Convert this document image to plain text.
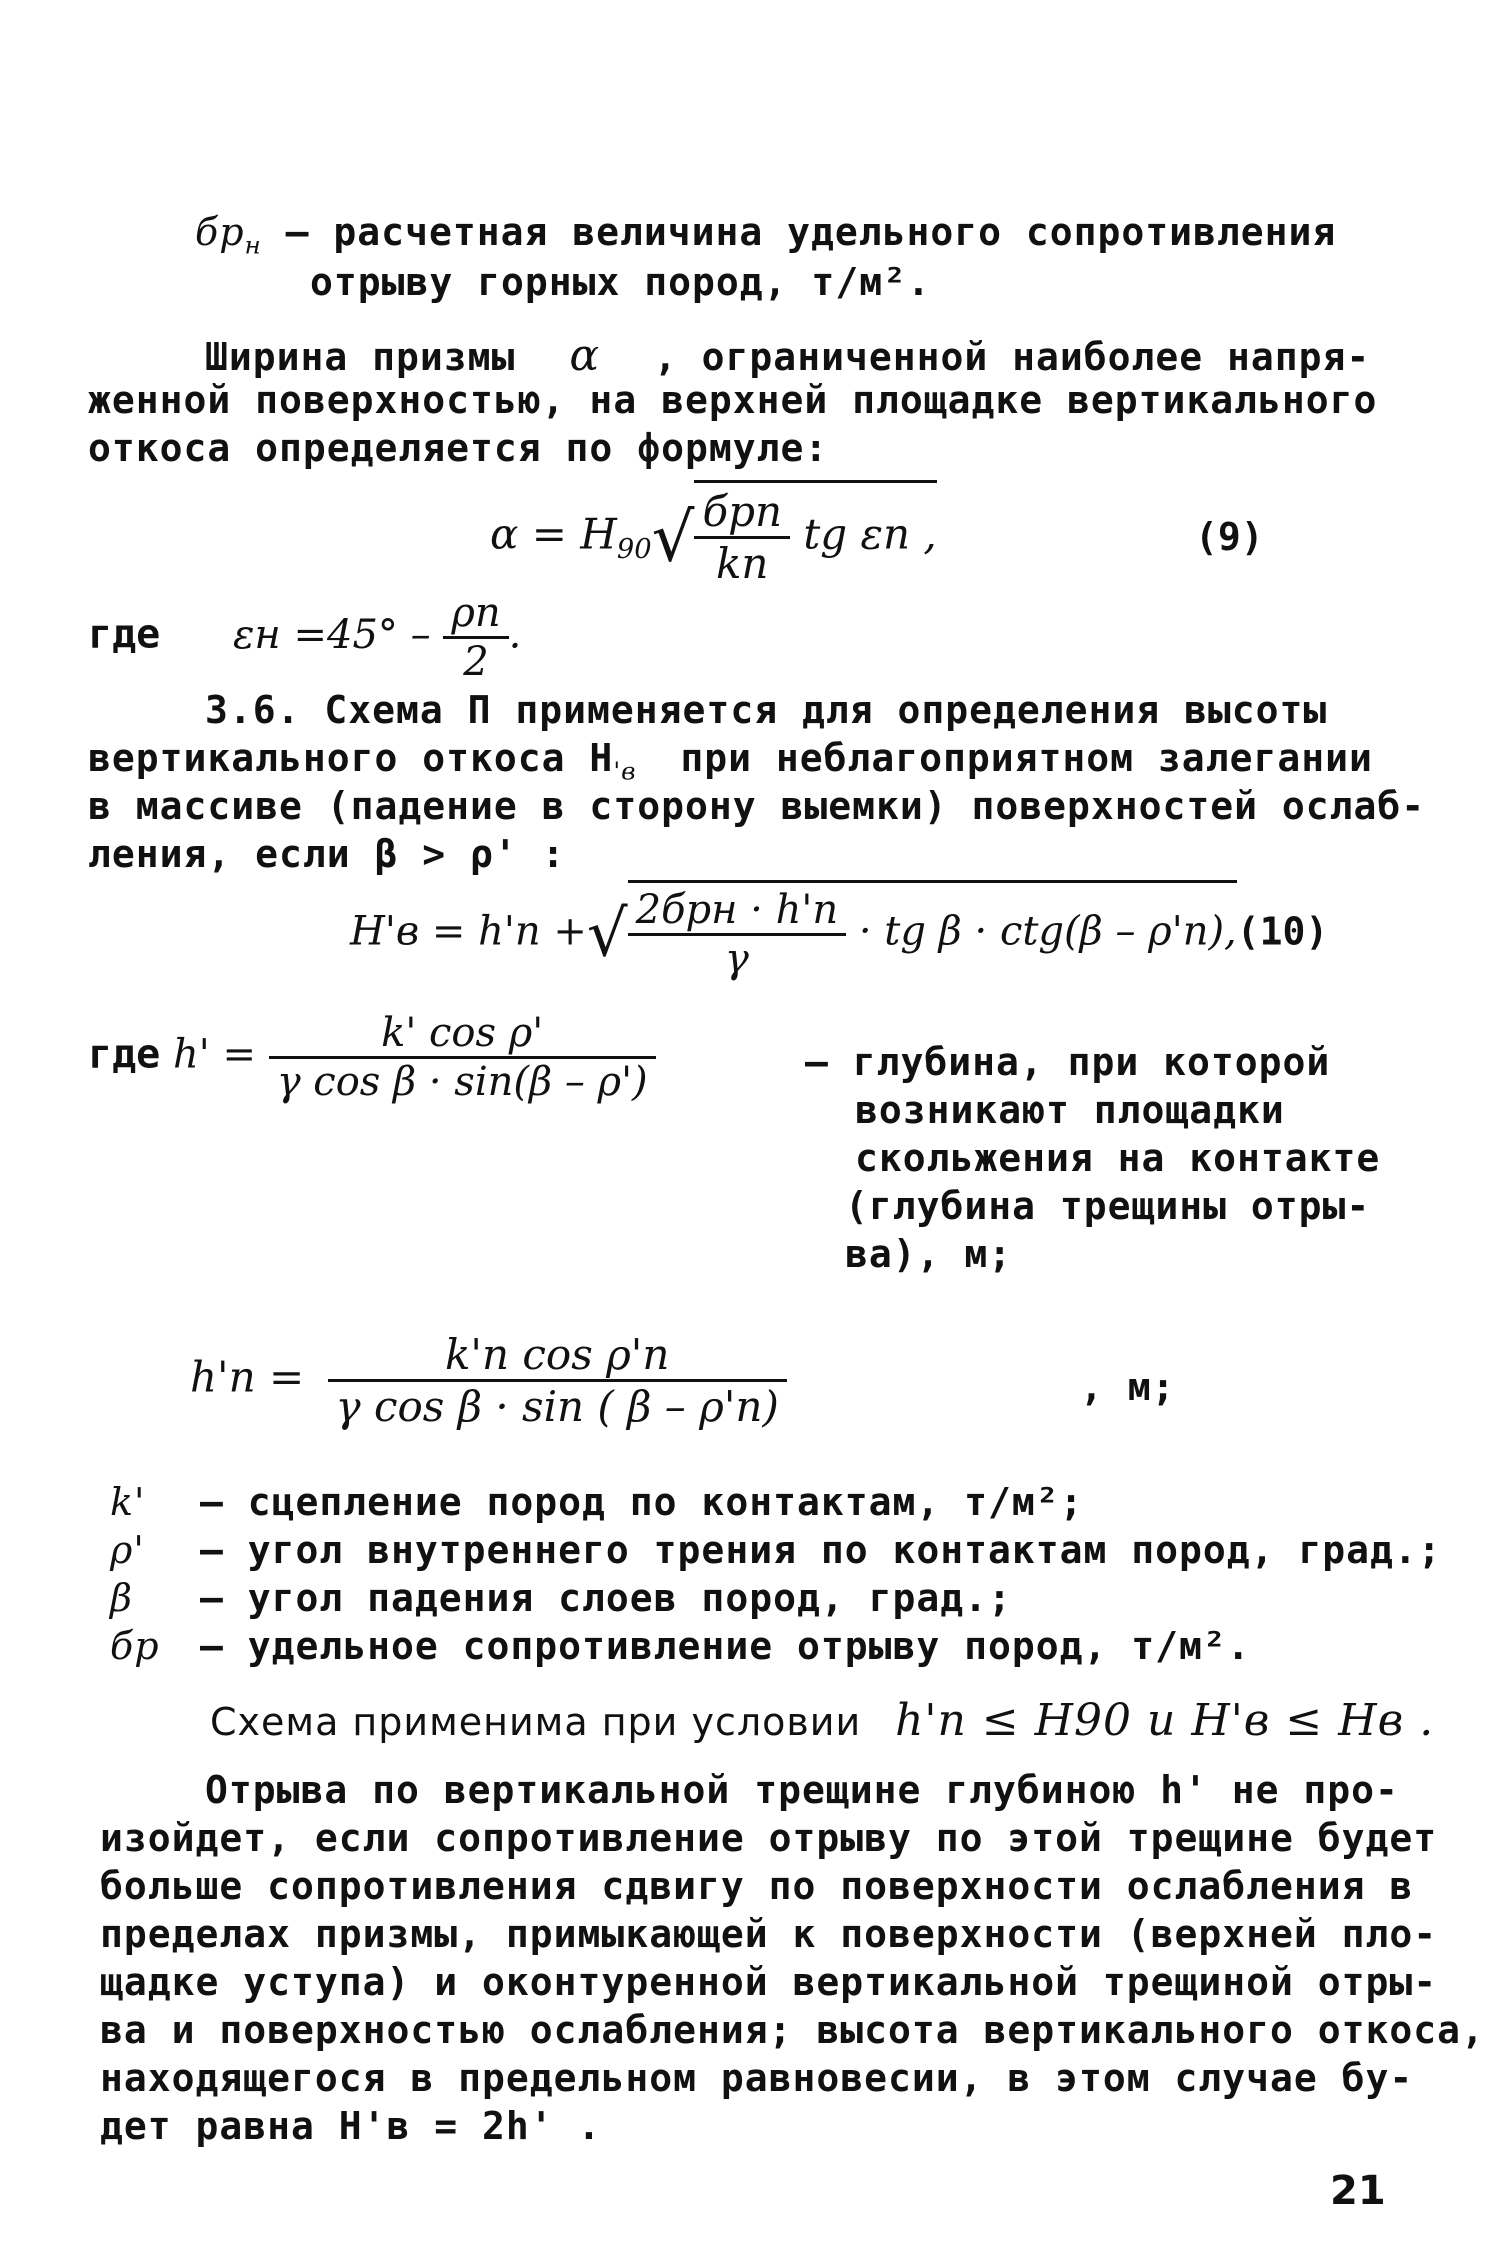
$бр_н$ – расчетная величина удельного сопротивления
отрыву горных пород, т/м².
Ширина призмы α , ограниченной наиболее напря-
женной поверхностью, на верхней площадке вертикального
откоса определяется по формуле:
$\alpha = H_{90}√ \frac{\text{бpn}}{kn}$ tg εn ,	(9)
где $\varepsilon н =45^\circ - \frac{\rho n}{2}$ .
3.6. Схема П применяется для определения высоты
вертикального откоса $H_{'в}$ при неблагоприятном залегании
в массиве (падение в сторону выемки) поверхностей ослаб-
ления, если β > ρ' :
H'в = h'n +√ $\frac{\text{2бpн · h'n}}{\gamma}$ · tg β · ctg(β – ρ'n),(10)
где $h' = \frac{\text{k' cos ρ'}}{\text{γ cos β · sin(β – ρ')}}$	– глубина, при которой
возникают площадки
скольжения на контакте
(глубина трещины отры-
ва), м;
$h'n = \frac{\text{k'n cos ρ'n}}{\text{γ cos β · sin ( β – ρ'n)}}$	, м;
k' – сцепление пород по контактам, т/м²;
ρ' – угол внутреннего трения по контактам пород, град.;
β – угол падения слоев пород, град.;
бр – удельное сопротивление отрыву пород, т/м².
Схема применима при условии h'n ≤ H90 и H'в ≤ Hв .
Отрыва по вертикальной трещине глубиною h' не про-
изойдет, если сопротивление отрыву по этой трещине будет
больше сопротивления сдвигу по поверхности ослабления в
пределах призмы, примыкающей к поверхности (верхней пло-
щадке уступа) и оконтуренной вертикальной трещиной отры-
ва и поверхностью ослабления; высота вертикального откоса,
находящегося в предельном равновесии, в этом случае бу-
дет равна H'в = 2h' .
21
